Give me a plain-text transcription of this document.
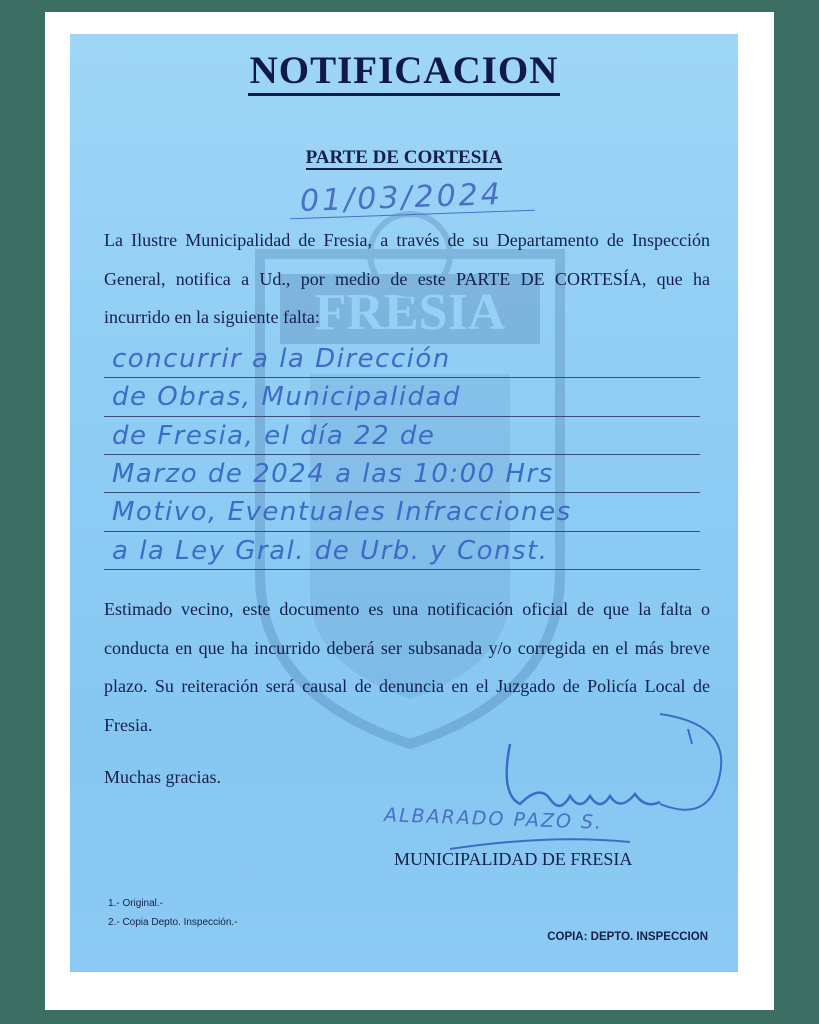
FRESIA
NOTIFICACION
PARTE DE CORTESIA
01/03/2024
La Ilustre Municipalidad de Fresia, a través de su Departamento de Inspección General, notifica a Ud., por medio de este PARTE DE CORTESÍA, que ha incurrido en la siguiente falta:
concurrir a la Dirección
de Obras, Municipalidad
de Fresia, el día 22 de
Marzo de 2024 a las 10:00 Hrs
Motivo, Eventuales Infracciones
a la Ley Gral. de Urb. y Const.
Estimado vecino, este documento es una notificación oficial de que la falta o conducta en que ha incurrido deberá ser subsanada y/o corregida en el más breve plazo. Su reiteración será causal de denuncia en el Juzgado de Policía Local de Fresia.
Muchas gracias.
ALBARADO PAZO S.
MUNICIPALIDAD DE FRESIA
1.- Original.-
2.- Copia Depto. Inspección.-
COPIA: DEPTO. INSPECCION
